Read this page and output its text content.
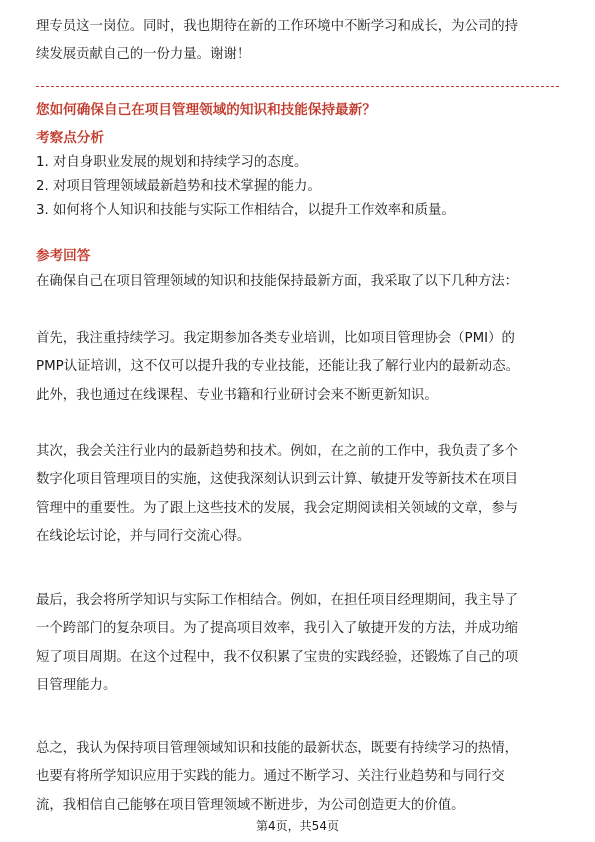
理专员这一岗位。同时，我也期待在新的工作环境中不断学习和成长，为公司的持
续发展贡献自己的一份力量。谢谢！
您如何确保自己在项目管理领域的知识和技能保持最新？
考察点分析
1. 对自身职业发展的规划和持续学习的态度。
2. 对项目管理领域最新趋势和技术掌握的能力。
3. 如何将个人知识和技能与实际工作相结合，以提升工作效率和质量。
参考回答
在确保自己在项目管理领域的知识和技能保持最新方面，我采取了以下几种方法：
首先，我注重持续学习。我定期参加各类专业培训，比如项目管理协会（PMI）的
PMP认证培训，这不仅可以提升我的专业技能，还能让我了解行业内的最新动态。
此外，我也通过在线课程、专业书籍和行业研讨会来不断更新知识。
其次，我会关注行业内的最新趋势和技术。例如，在之前的工作中，我负责了多个
数字化项目管理项目的实施，这使我深刻认识到云计算、敏捷开发等新技术在项目
管理中的重要性。为了跟上这些技术的发展，我会定期阅读相关领域的文章，参与
在线论坛讨论，并与同行交流心得。
最后，我会将所学知识与实际工作相结合。例如，在担任项目经理期间，我主导了
一个跨部门的复杂项目。为了提高项目效率，我引入了敏捷开发的方法，并成功缩
短了项目周期。在这个过程中，我不仅积累了宝贵的实践经验，还锻炼了自己的项
目管理能力。
总之，我认为保持项目管理领域知识和技能的最新状态，既要有持续学习的热情，
也要有将所学知识应用于实践的能力。通过不断学习、关注行业趋势和与同行交
流，我相信自己能够在项目管理领域不断进步，为公司创造更大的价值。
第4页，共54页
